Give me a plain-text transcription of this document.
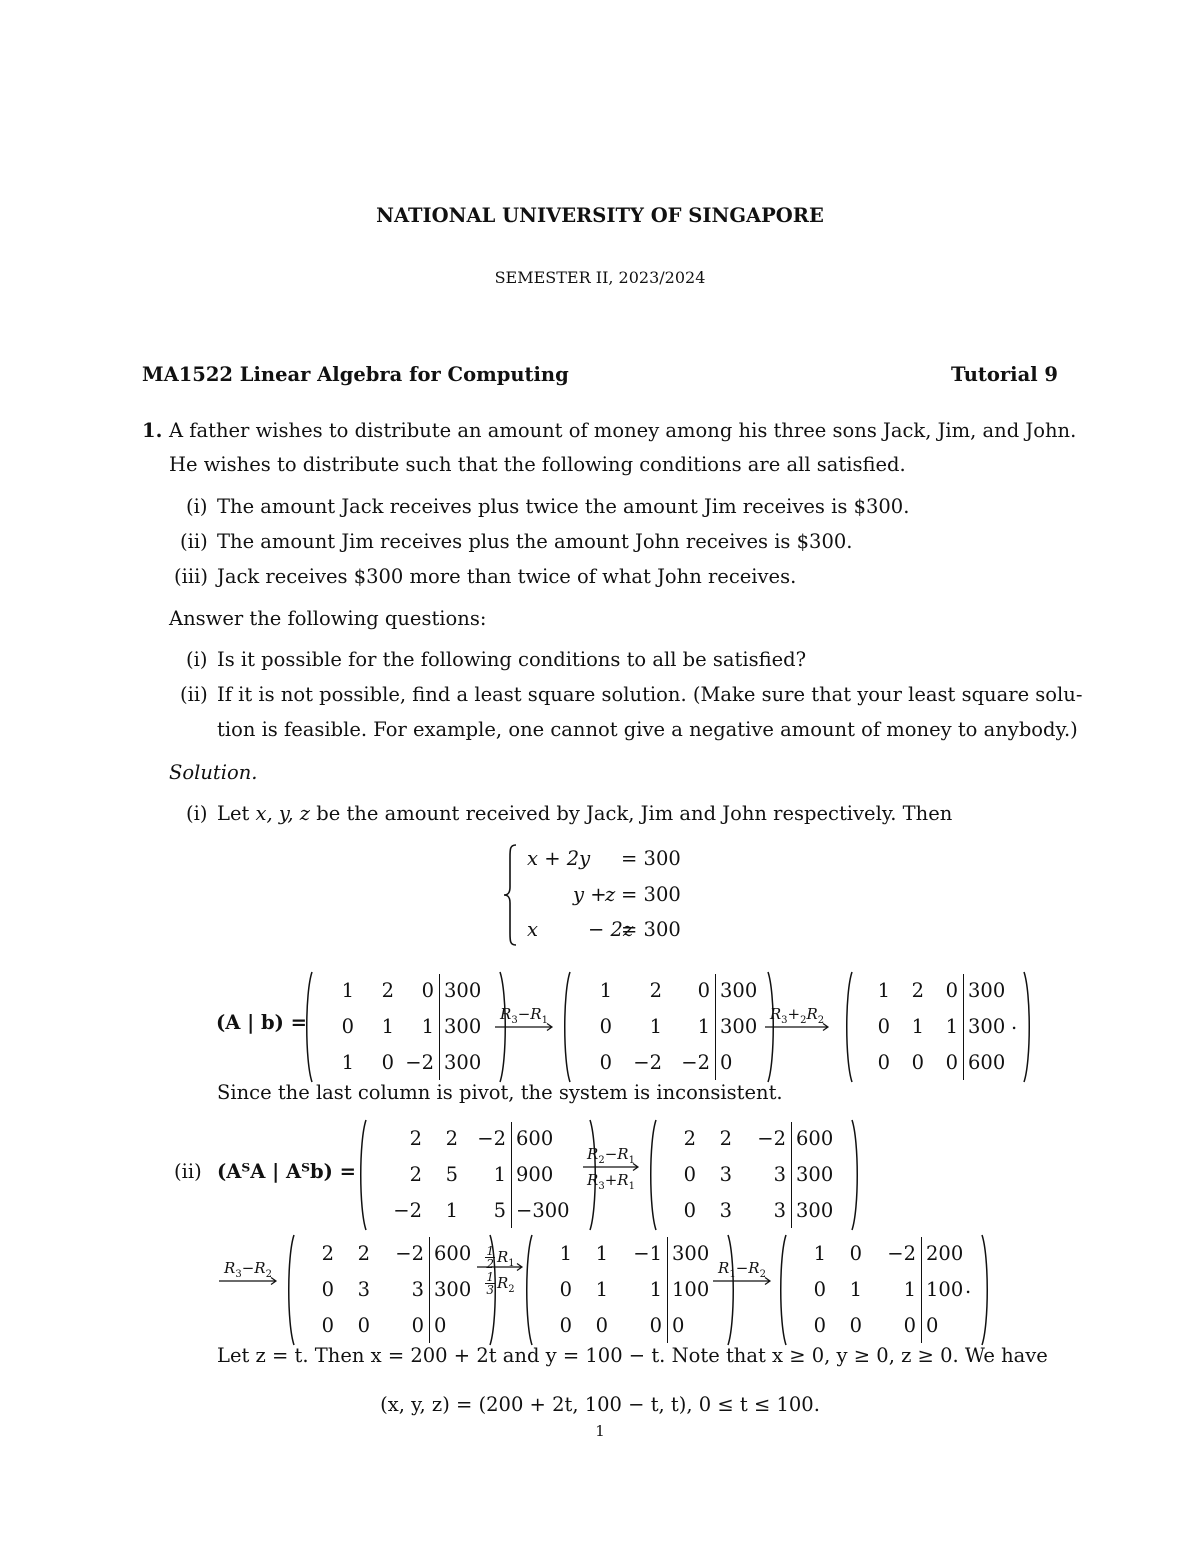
NATIONAL UNIVERSITY OF SINGAPORE
SEMESTER II, 2023/2024
MA1522 Linear Algebra for Computing	Tutorial 9
1. A father wishes to distribute an amount of money among his three sons Jack, Jim, and John.
He wishes to distribute such that the following conditions are all satisfied.
(i) The amount Jack receives plus twice the amount Jim receives is $300.
(ii) The amount Jim receives plus the amount John receives is $300.
(iii) Jack receives $300 more than twice of what John receives.
Answer the following questions:
(i) Is it possible for the following conditions to all be satisfied?
(ii) If it is not possible, find a least square solution. (Make sure that your least square solu-
tion is feasible. For example, one cannot give a negative amount of money to anybody.)
Solution.
(i) Let x, y, z be the amount received by Jack, Jim and John respectively. Then
x + 2y = 300
y +
z = 300
x	− 2z
= 300
(A | b) =
1	2	0 300
0	1	1 300
1	0 −2 300
$R_3-R_1$
1	2	0 300
0	1	1 300
0	−2 −2 0
$R_3+_2R_2$
1	2	0 300
0	1	1 300
0	0	0 600
2	2 −2 600
2	5	1 900
−2	1	5 −300
$R_2-R_1$
$R_3+R_1$
2	2	−2 600
0	3	3 300
0	3	3 300
$R_3-R_2$
2	2	−2 600
0	3	3 300
0	0	0 0
$\frac{1}{2} R_1$
$\frac{1}{3} R_2$
1	1	−1 300
0	1	1 100
0	0	0 0
$R_1-R_2$
1	0	−2 200
0	1	1 100
0	0	0 0
.
Since the last column is pivot, the system is inconsistent.
(ii) (AᵀA | Aᵀb) =
.
Let z = t. Then x = 200 + 2t and y = 100 − t. Note that x ≥ 0, y ≥ 0, z ≥ 0. We have
(x, y, z) = (200 + 2t, 100 − t, t), 0 ≤ t ≤ 100.
1
